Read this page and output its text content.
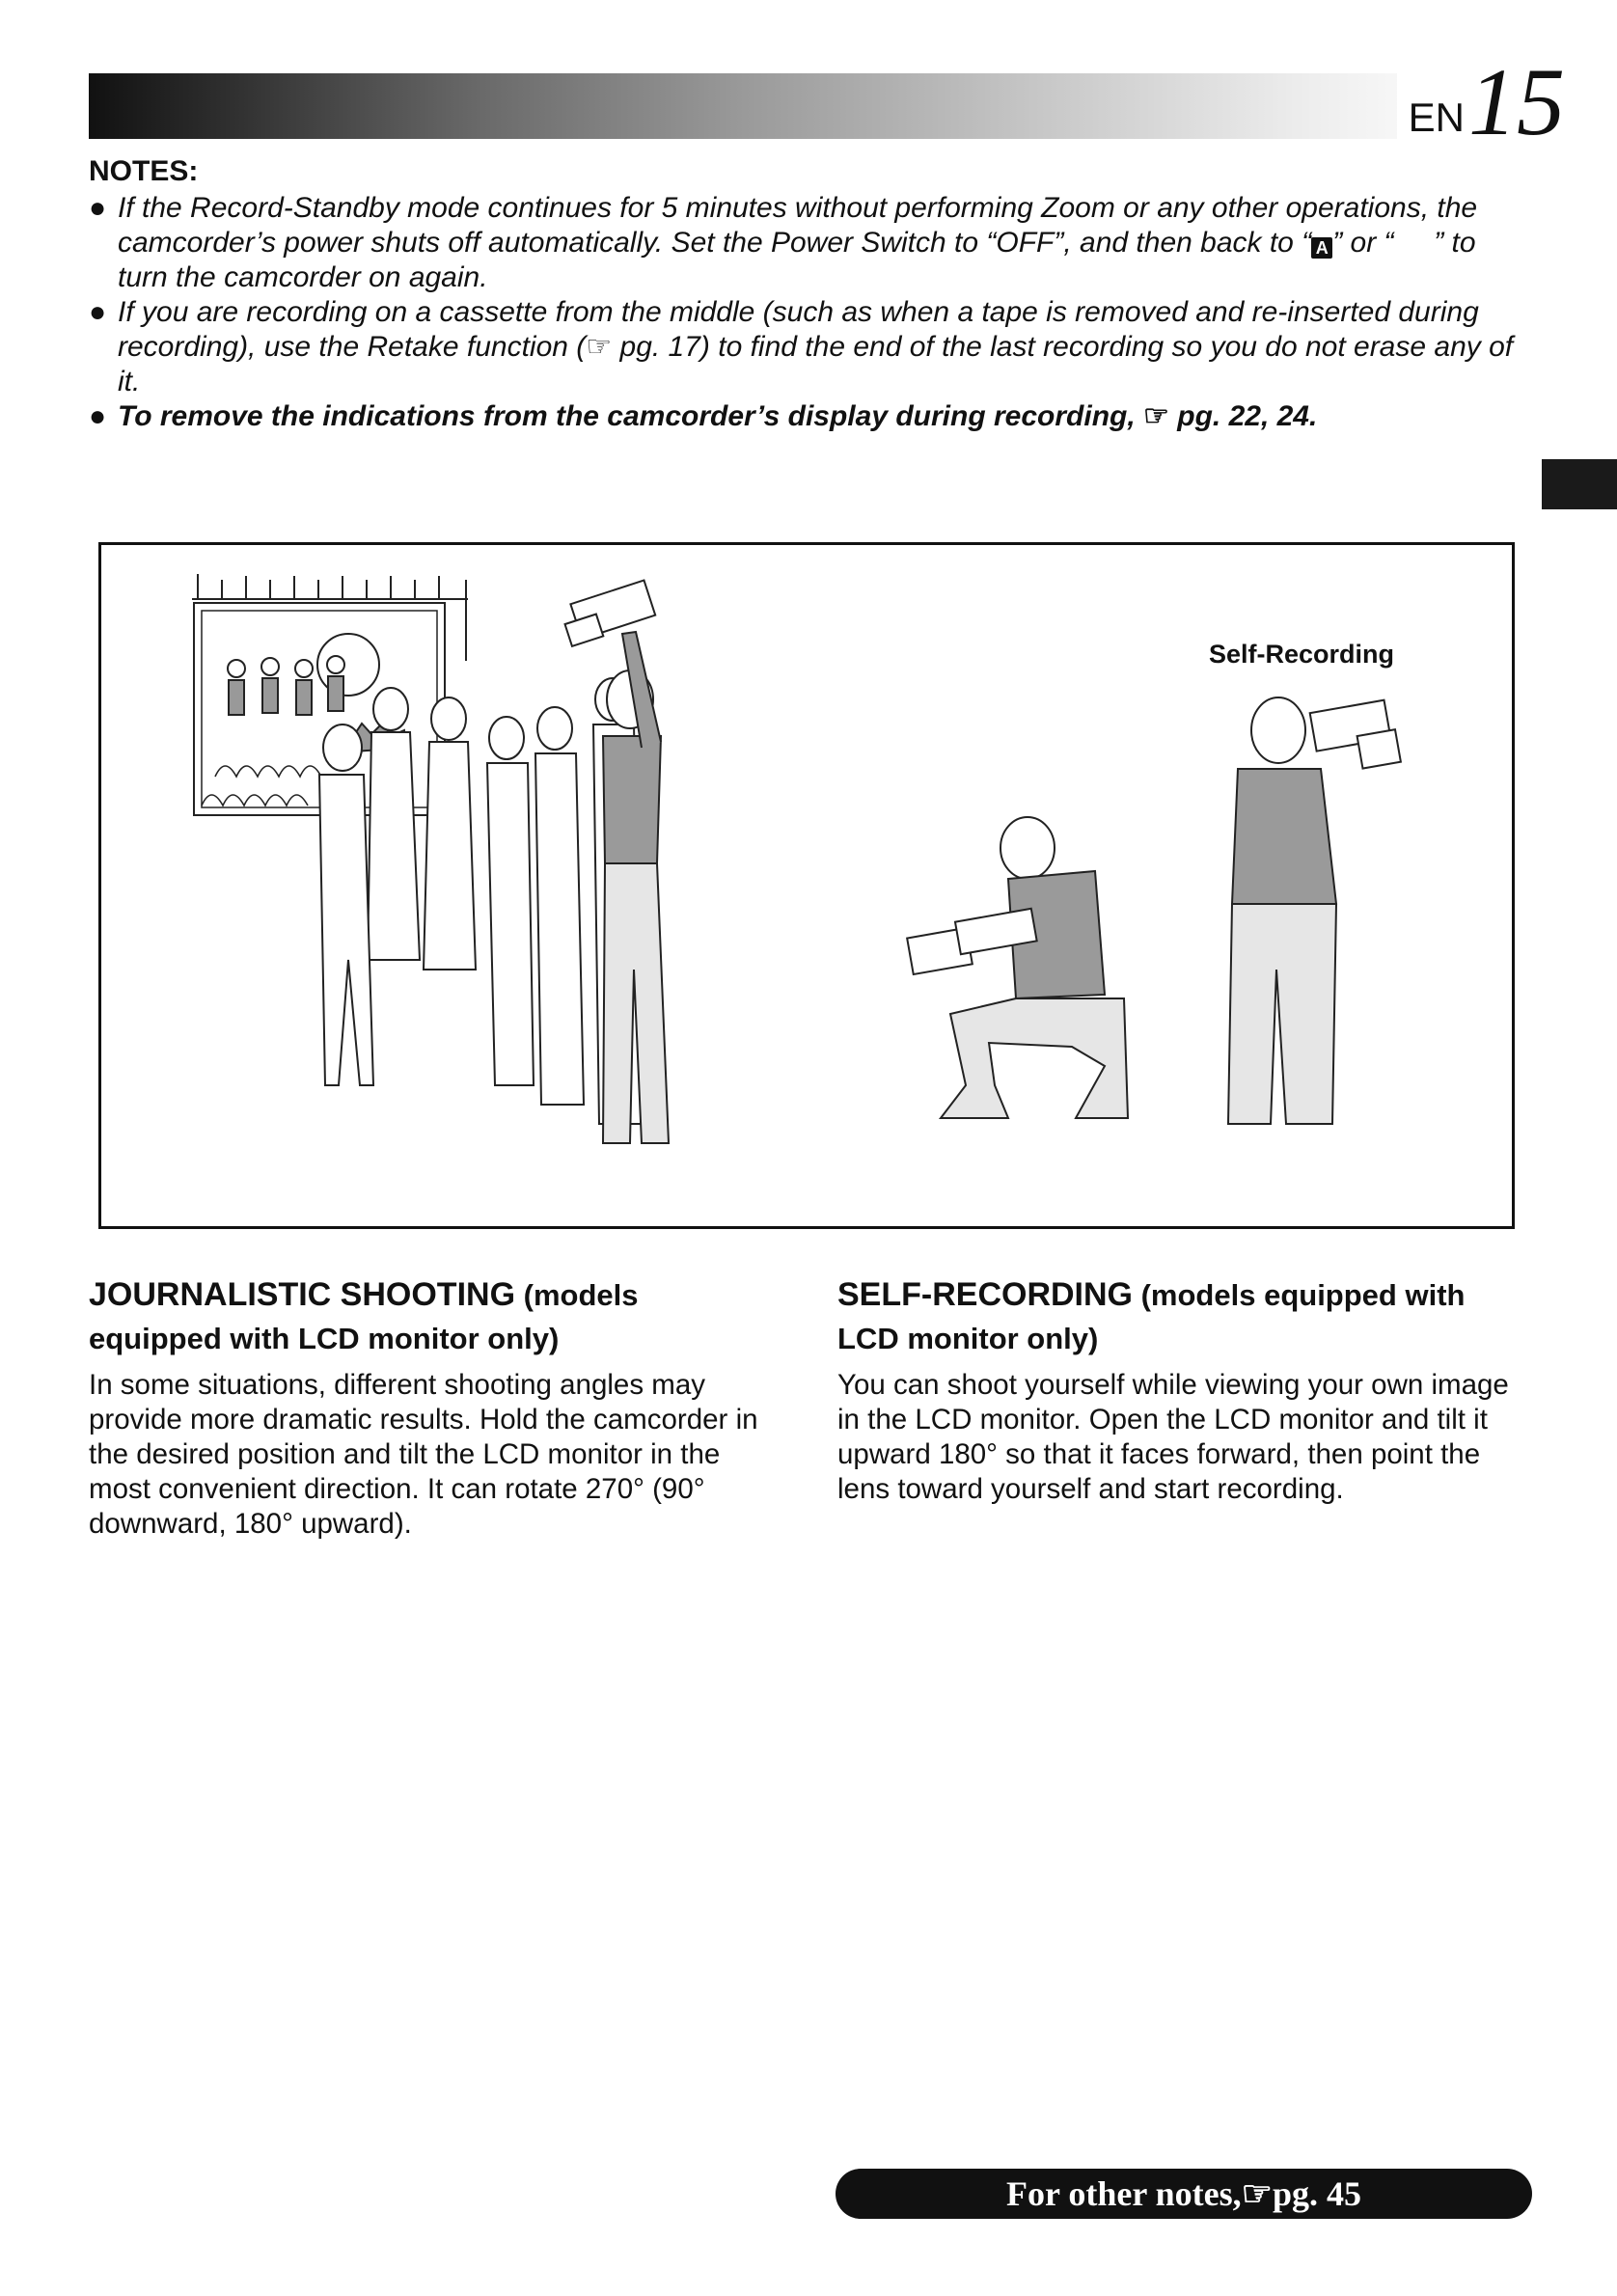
EN 15
NOTES:
● If the Record-Standby mode continues for 5 minutes without performing Zoom or any other operations, the camcorder’s power shuts off automatically. Set the Power Switch to “OFF”, and then back to “ A ” or “ ” to turn the camcorder on again.
● If you are recording on a cassette from the middle (such as when a tape is removed and re-inserted during recording), use the Retake function (☞ pg. 17) to find the end of the last recording so you do not erase any of it.
● To remove the indications from the camcorder’s display during recording, ☞ pg. 22, 24.
Self-Recording
JOURNALISTIC SHOOTING (models equipped with LCD monitor only)
In some situations, different shooting angles may provide more dramatic results. Hold the camcorder in the desired position and tilt the LCD monitor in the most convenient direction. It can rotate 270° (90° downward, 180° upward).
SELF-RECORDING (models equipped with LCD monitor only)
You can shoot yourself while viewing your own image in the LCD monitor. Open the LCD monitor and tilt it upward 180° so that it faces forward, then point the lens toward yourself and start recording.
For other notes, ☞ pg. 45
